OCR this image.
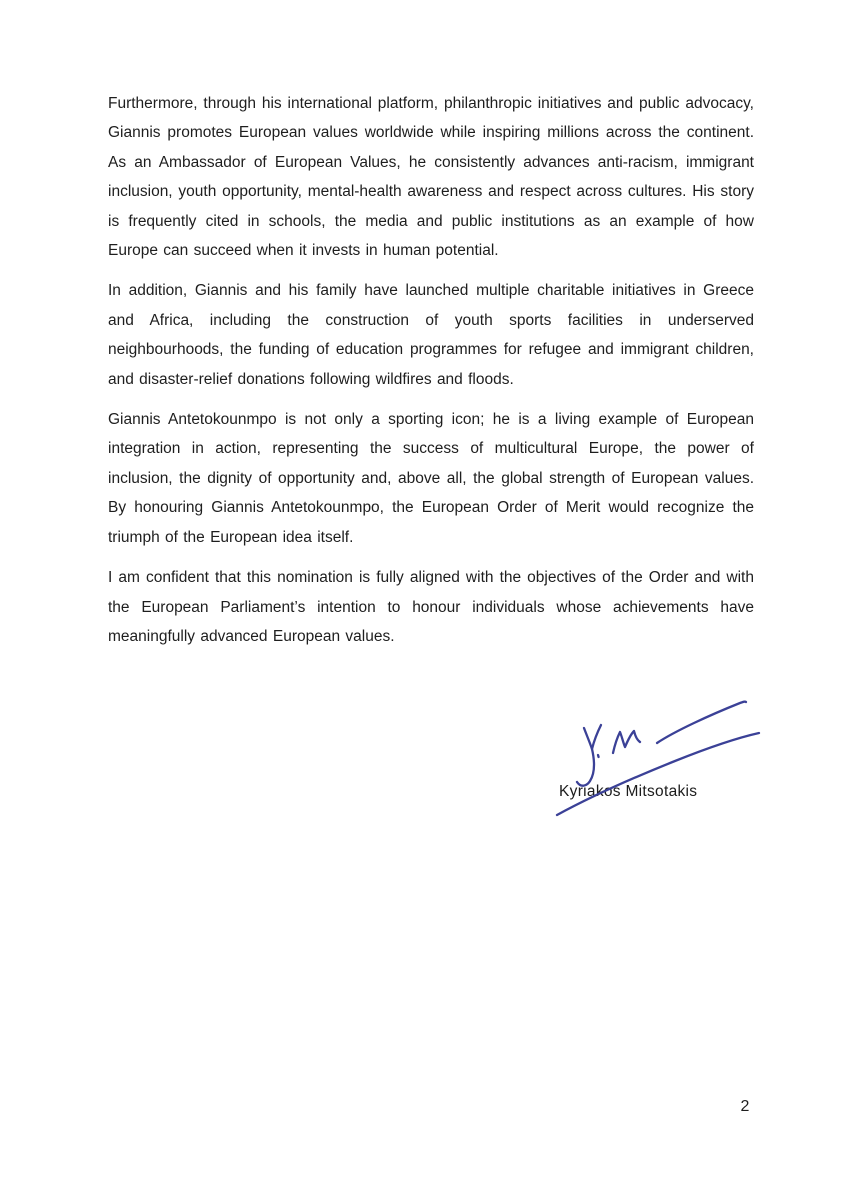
Furthermore, through his international platform, philanthropic initiatives and public advocacy, Giannis promotes European values worldwide while inspiring millions across the continent. As an Ambassador of European Values, he consistently advances anti-racism, immigrant inclusion, youth opportunity, mental-health awareness and respect across cultures. His story is frequently cited in schools, the media and public institutions as an example of how Europe can succeed when it invests in human potential.

In addition, Giannis and his family have launched multiple charitable initiatives in Greece and Africa, including the construction of youth sports facilities in underserved neighbourhoods, the funding of education programmes for refugee and immigrant children, and disaster-relief donations following wildfires and floods.

Giannis Antetokounmpo is not only a sporting icon; he is a living example of European integration in action, representing the success of multicultural Europe, the power of inclusion, the dignity of opportunity and, above all, the global strength of European values. By honouring Giannis Antetokounmpo, the European Order of Merit would recognize the triumph of the European idea itself.

I am confident that this nomination is fully aligned with the objectives of the Order and with the European Parliament’s intention to honour individuals whose achievements have meaningfully advanced European values.

Kyriakos Mitsotakis
2
